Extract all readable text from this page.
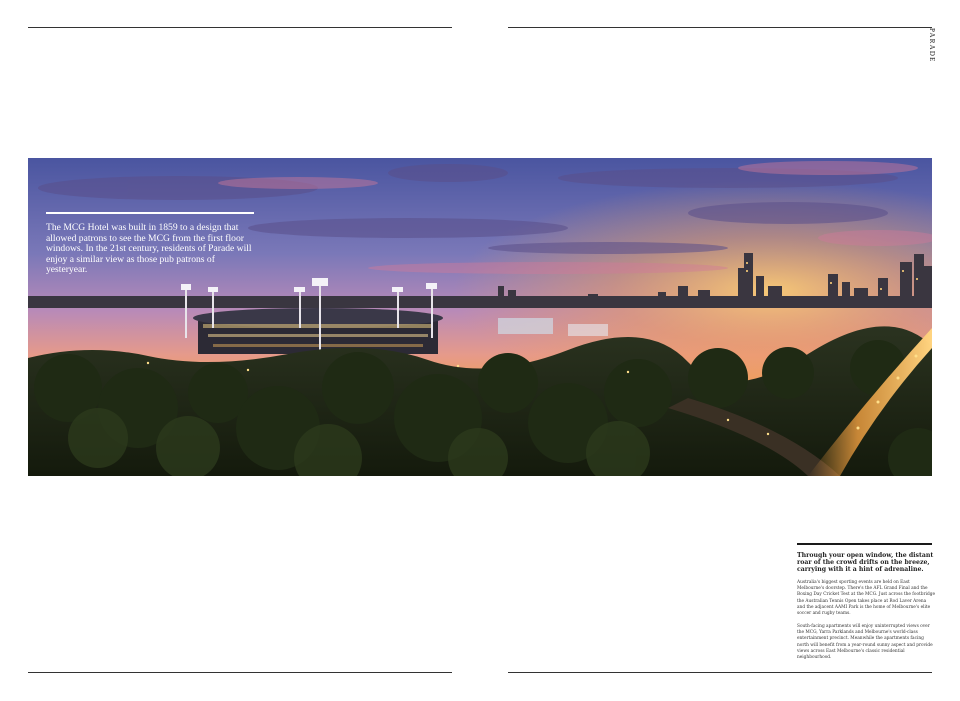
PARADE
The MCG Hotel was built in 1859 to a design that allowed patrons to see the MCG from the first floor windows. In the 21st century, residents of Parade will enjoy a similar view as those pub patrons of yesteryear.
Through your open window, the distant roar of the crowd drifts on the breeze, carrying with it a hint of adrenaline.
Australia's biggest sporting events are held on East Melbourne's doorstep. There's the AFL Grand Final and the Boxing Day Cricket Test at the MCG. Just across the footbridge the Australian Tennis Open takes place at Rod Laver Arena and the adjacent AAMI Park is the home of Melbourne's elite soccer and rugby teams.
South-facing apartments will enjoy uninterrupted views over the MCG, Yarra Parklands and Melbourne's world-class entertainment precinct. Meanwhile the apartments facing north will benefit from a year-round sunny aspect and provide views across East Melbourne's classic residential neighbourhood.
